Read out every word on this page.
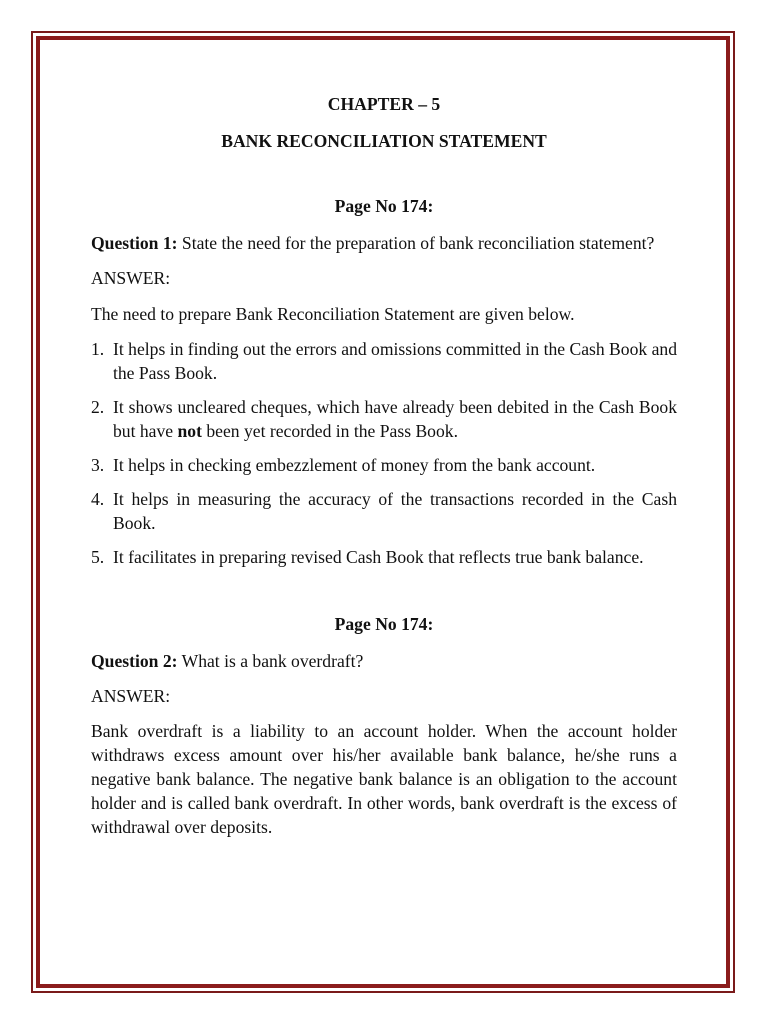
CHAPTER – 5

BANK RECONCILIATION STATEMENT

Page No 174:

Question 1: State the need for the preparation of bank reconciliation statement?

ANSWER:

The need to prepare Bank Reconciliation Statement are given below.

1. It helps in finding out the errors and omissions committed in the Cash Book and the Pass Book.
2. It shows uncleared cheques, which have already been debited in the Cash Book but have not been yet recorded in the Pass Book.
3. It helps in checking embezzlement of money from the bank account.
4. It helps in measuring the accuracy of the transactions recorded in the Cash Book.
5. It facilitates in preparing revised Cash Book that reflects true bank balance.

Page No 174:

Question 2: What is a bank overdraft?

ANSWER:

Bank overdraft is a liability to an account holder. When the account holder withdraws excess amount over his/her available bank balance, he/she runs a negative bank balance. The negative bank balance is an obligation to the account holder and is called bank overdraft. In other words, bank overdraft is the excess of withdrawal over deposits.
